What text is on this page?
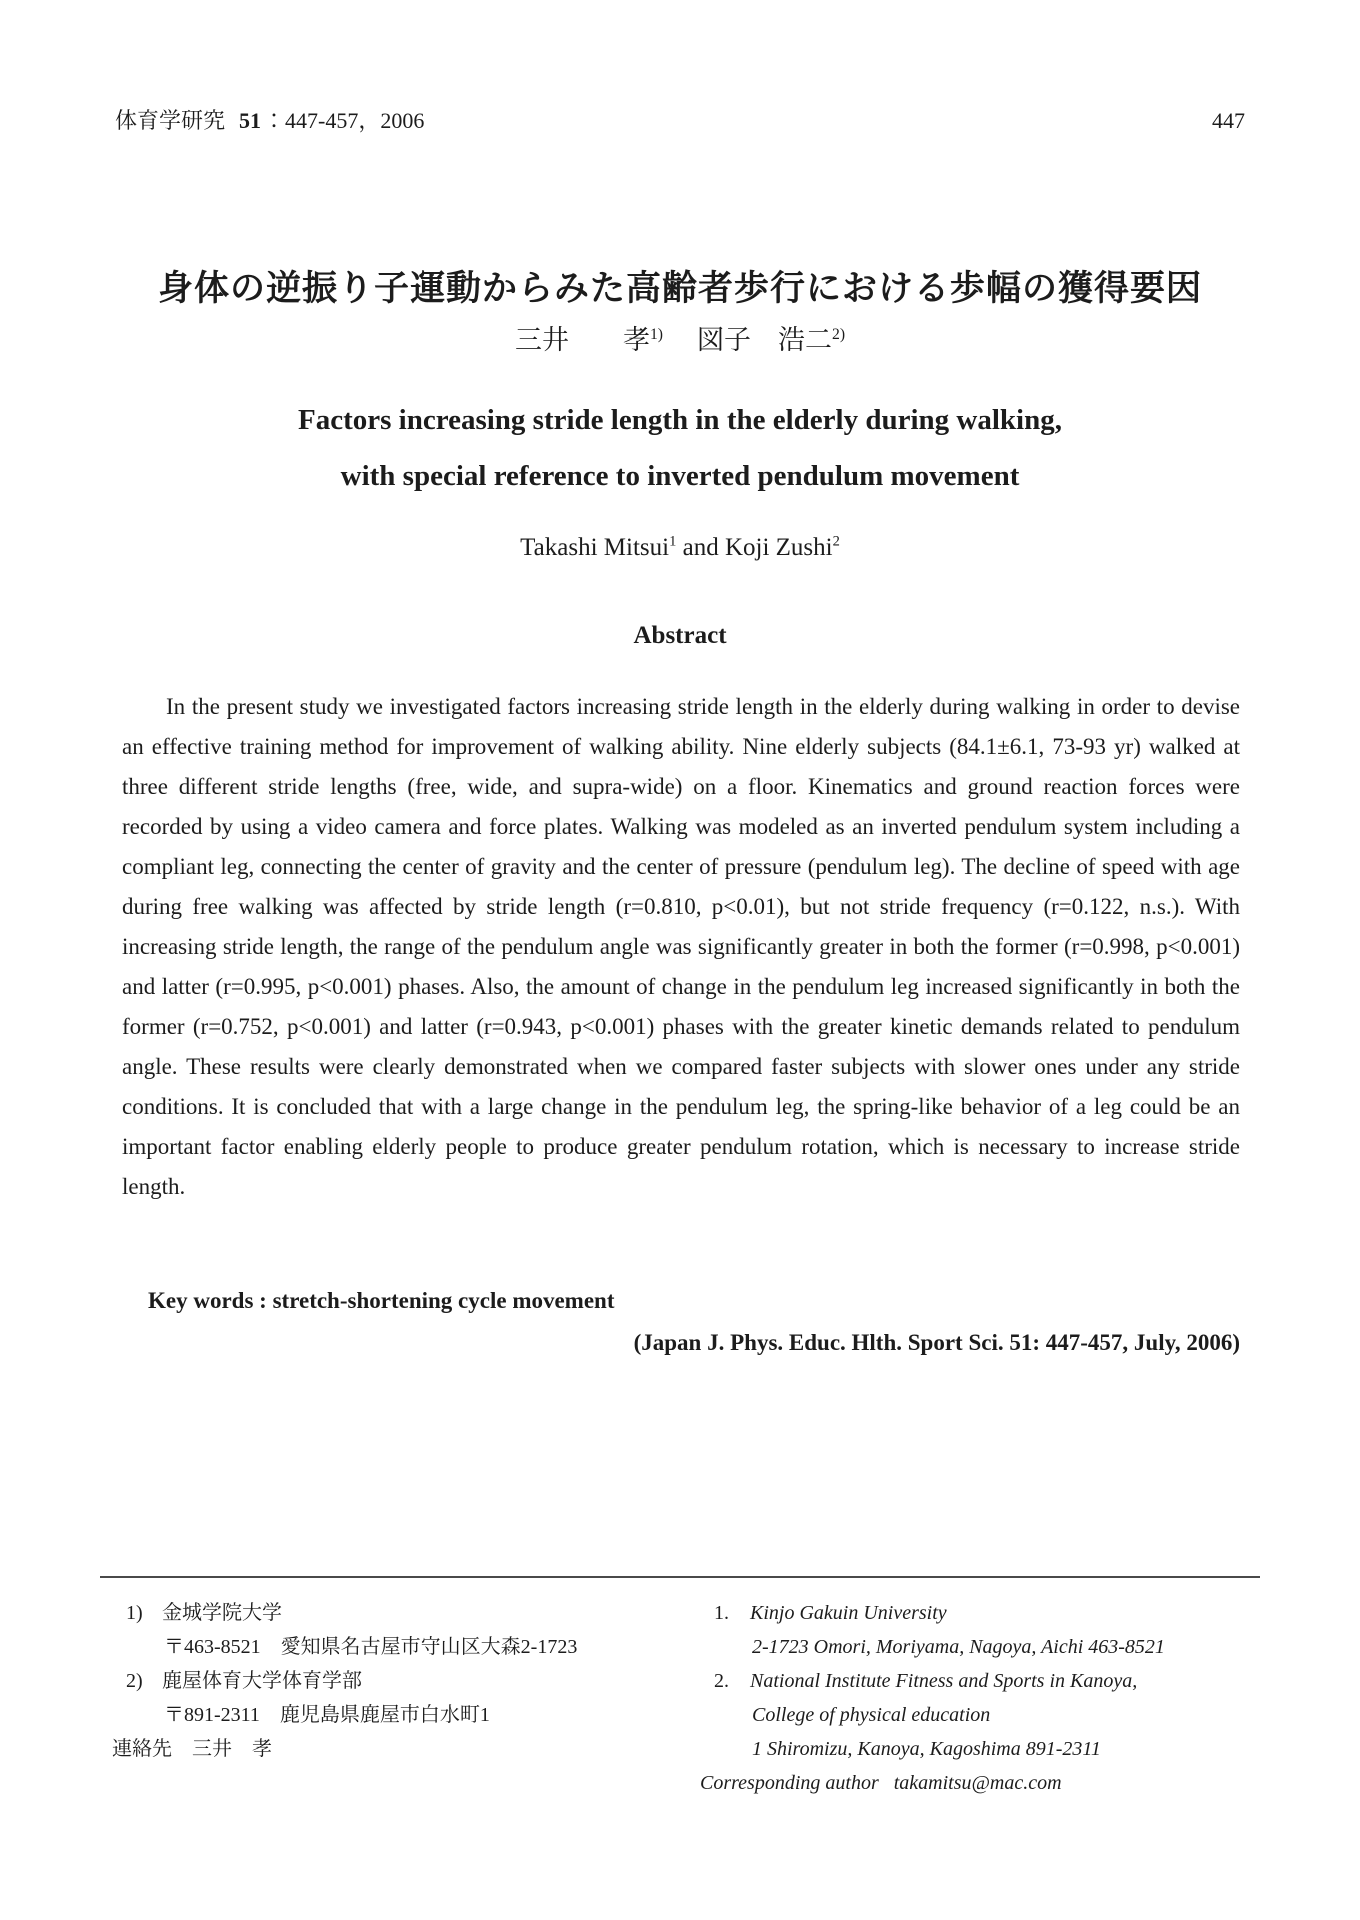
体育学研究 51：447-457，2006	447
身体の逆振り子運動からみた高齢者歩行における歩幅の獲得要因
三井　　孝$^{1)}$ 図子　浩二$^{2)}$
Factors increasing stride length in the elderly during walking,
with special reference to inverted pendulum movement
Takashi Mitsui$^1$ and Koji Zushi$^2$
Abstract

In the present study we investigated factors increasing stride length in the elderly during walking in order to devise an effective training method for improvement of walking ability. Nine elderly subjects (84.1±6.1, 73-93 yr) walked at three different stride lengths (free, wide, and supra-wide) on a floor. Kinematics and ground reaction forces were recorded by using a video camera and force plates. Walking was modeled as an inverted pendulum system including a compliant leg, connecting the center of gravity and the center of pressure (pendulum leg). The decline of speed with age during free walking was affected by stride length (r=0.810, p<0.01), but not stride frequency (r=0.122, n.s.). With increasing stride length, the range of the pendulum angle was significantly greater in both the former (r=0.998, p<0.001) and latter (r=0.995, p<0.001) phases. Also, the amount of change in the pendulum leg increased significantly in both the former (r=0.752, p<0.001) and latter (r=0.943, p<0.001) phases with the greater kinetic demands related to pendulum angle. These results were clearly demonstrated when we compared faster subjects with slower ones under any stride conditions. It is concluded that with a large change in the pendulum leg, the spring-like behavior of a leg could be an important factor enabling elderly people to produce greater pendulum rotation, which is necessary to increase stride length.

Key words : stretch-shortening cycle movement
(Japan J. Phys. Educ. Hlth. Sport Sci. 51: 447-457, July, 2006)
1) 金城学院大学
〒463-8521　愛知県名古屋市守山区大森2-1723
2) 鹿屋体育大学体育学部
〒891-2311　鹿児島県鹿屋市白水町1
連絡先　三井　孝
1. Kinjo Gakuin University
2-1723 Omori, Moriyama, Nagoya, Aichi 463-8521
2. National Institute Fitness and Sports in Kanoya,
College of physical education
1 Shiromizu, Kanoya, Kagoshima 891-2311
Corresponding author   takamitsu@mac.com
